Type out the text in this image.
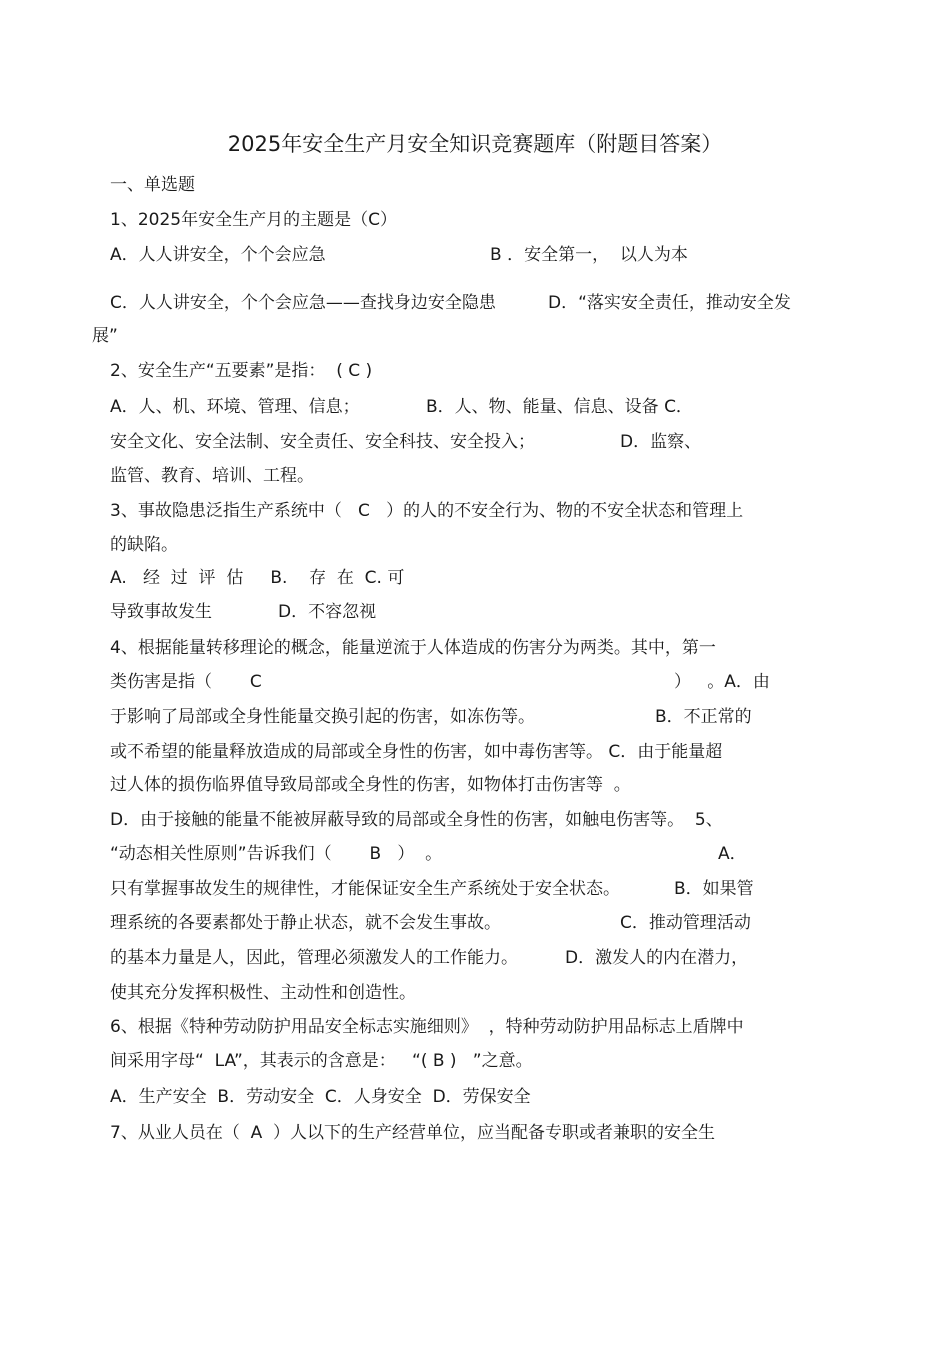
2025年安全生产月安全知识竞赛题库（附题目答案）
一、单选题
1、2025年安全生产月的主题是（C）
A．人人讲安全，个个会应急	B ．安全第一，  以人为本
C．人人讲安全，个个会应急——查找身边安全隐患	D．“落实安全责任，推动安全发
展”
2、安全生产“五要素”是指：  ( C )
A．人、机、环境、管理、信息；	B．人、物、能量、信息、设备 C．
安全文化、安全法制、安全责任、安全科技、安全投入；	D．监察、
监管、教育、培训、工程。
3、事故隐患泛指生产系统中（   C   ）的人的不安全行为、物的不安全状态和管理上
的缺陷。
A.   经  过  评  估     B.    存  在  C. 可
导致事故发生	D．不容忽视
4、根据能量转移理论的概念，能量逆流于人体造成的伤害分为两类。其中，第一
类伤害是指（       C	）   。A．由
于影响了局部或全身性能量交换引起的伤害，如冻伤等。	B．不正常的
或不希望的能量释放造成的局部或全身性的伤害，如中毒伤害等。 C．由于能量超
过人体的损伤临界值导致局部或全身性的伤害，如物体打击伤害等  。
D．由于接触的能量不能被屏蔽导致的局部或全身性的伤害，如触电伤害等。  5、
“动态相关性原则”告诉我们（       B   ）  。	A．
只有掌握事故发生的规律性，才能保证安全生产系统处于安全状态。	B．如果管
理系统的各要素都处于静止状态，就不会发生事故。	C．推动管理活动
的基本力量是人，因此，管理必须激发人的工作能力。	D．激发人的内在潜力，
使其充分发挥积极性、主动性和创造性。
6、根据《特种劳动防护用品安全标志实施细则》  ，特种劳动防护用品标志上盾牌中
间采用字母“  LA”，其表示的含意是：   “( B )   ”之意。
A．生产安全  B．劳动安全  C．人身安全  D．劳保安全
7、从业人员在（  A  ）人以下的生产经营单位，应当配备专职或者兼职的安全生
